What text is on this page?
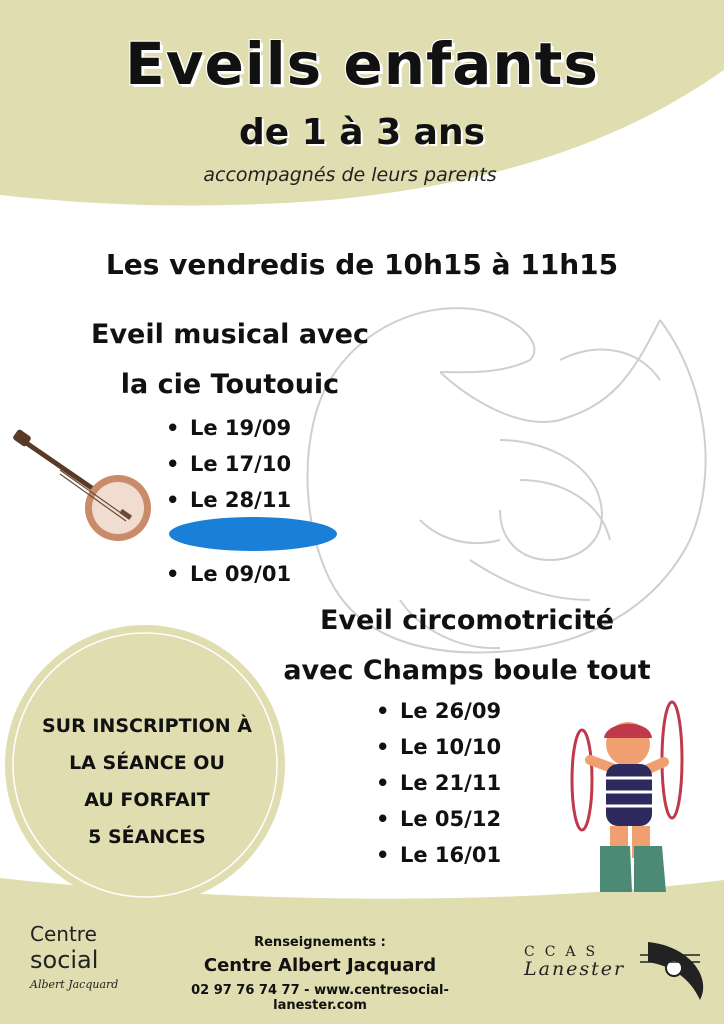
Eveils enfants
de 1 à 3 ans
accompagnés de leurs parents
Les vendredis de 10h15 à 11h15
Eveil musical avec
la cie Toutouic
• Le 19/09
• Le 17/10
• Le 28/11
• Le 09/01
Eveil circomotricité
avec Champs boule tout
• Le 26/09
• Le 10/10
• Le 21/11
• Le 05/12
• Le 16/01
SUR INSCRIPTION À
LA SÉANCE OU
AU FORFAIT
5 SÉANCES
Centre
social
Albert Jacquard
Renseignements :
Centre Albert Jacquard
02 97 76 74 77 - www.centresocial-lanester.com
CCAS
Lanester
